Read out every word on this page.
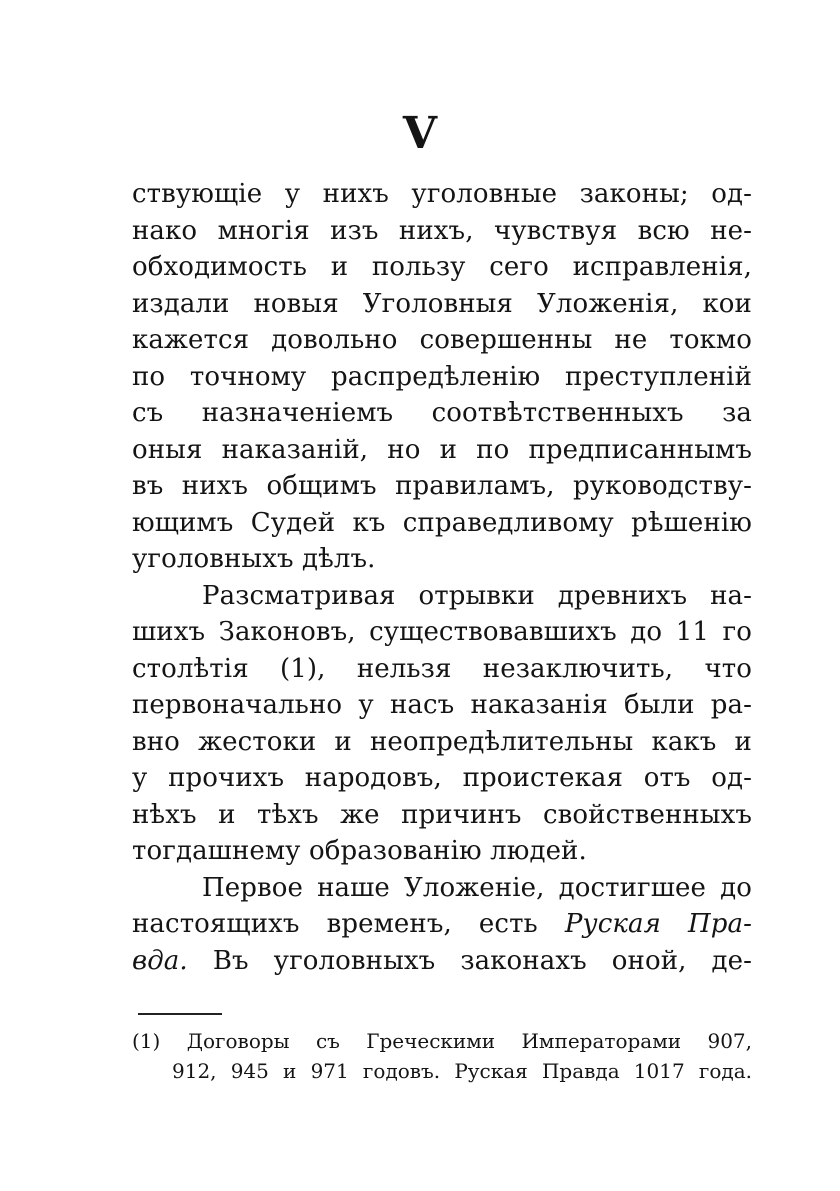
V
ствующіе у нихъ уголовные законы; од-
нако многія изъ нихъ, чувствуя всю не-
обходимость и пользу сего исправленія,
издали новыя Уголовныя Уложенія, кои
кажется довольно совершенны не токмо
по точному распредѣленію преступленій
съ назначеніемъ соотвѣтственныхъ за
оныя наказаній, но и по предписаннымъ
въ нихъ общимъ правиламъ, руководству-
ющимъ Судей къ справедливому рѣшенію
уголовныхъ дѣлъ.
Разсматривая отрывки древнихъ на-
шихъ Законовъ, существовавшихъ до 11 го
столѣтія (1), нельзя незаключить, что
первоначально у насъ наказанія были ра-
вно жестоки и неопредѣлительны какъ и
у прочихъ народовъ, проистекая отъ од-
нѣхъ и тѣхъ же причинъ свойственныхъ
тогдашнему образованію людей.
Первое наше Уложеніе, достигшее до
настоящихъ временъ, есть Руская Пра-
вда. Въ уголовныхъ законахъ оной, де-
(1) Договоры съ Греческими Императорами 907,
912, 945 и 971 годовъ. Руская Правда 1017 года.
